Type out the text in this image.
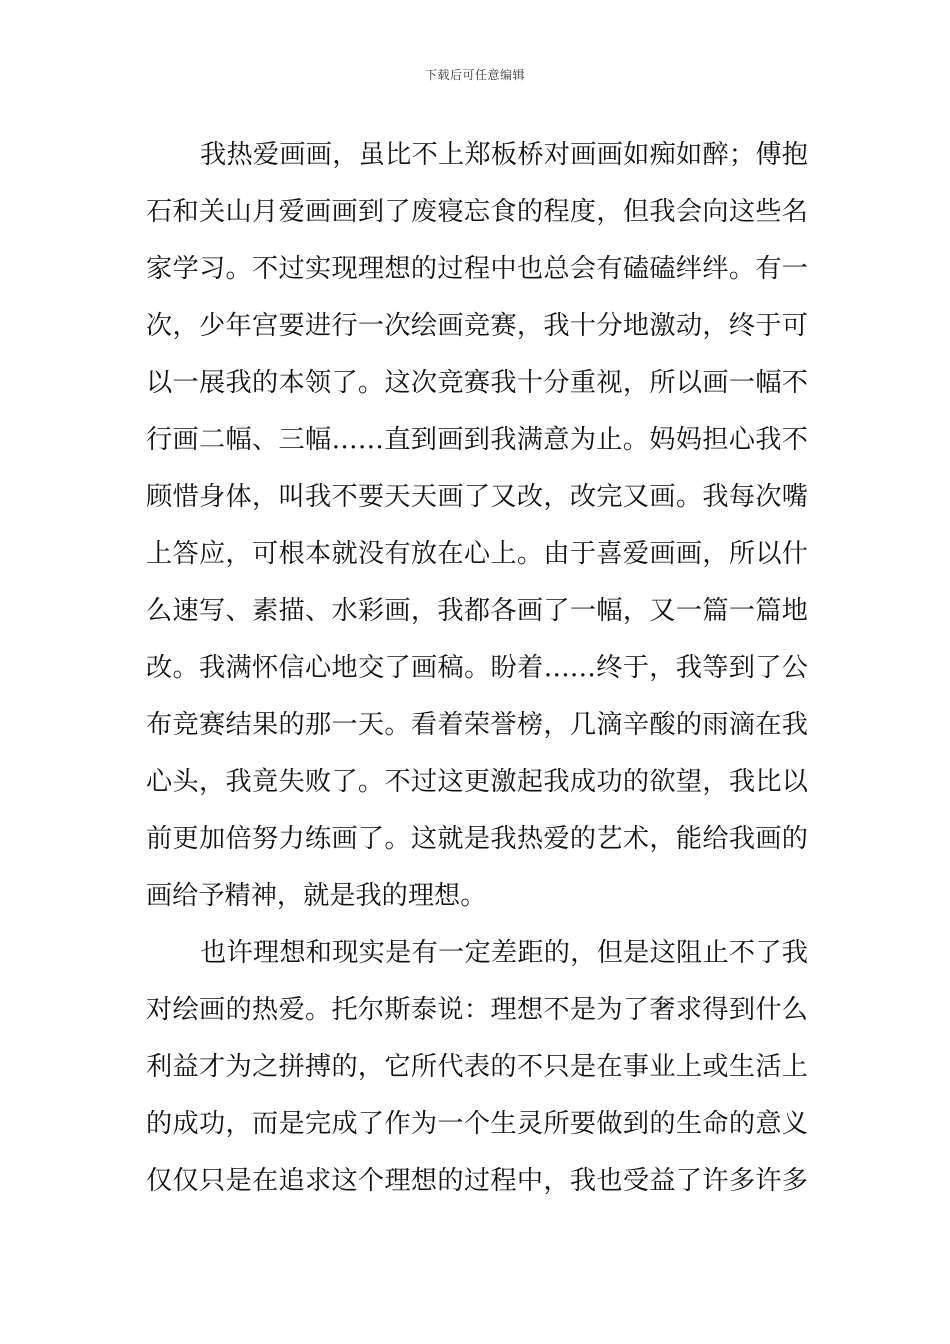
下载后可任意编辑
我热爱画画，虽比不上郑板桥对画画如痴如醉；傅抱
石和关山月爱画画到了废寝忘食的程度，但我会向这些名
家学习。不过实现理想的过程中也总会有磕磕绊绊。有一
次，少年宫要进行一次绘画竞赛，我十分地激动，终于可
以一展我的本领了。这次竞赛我十分重视，所以画一幅不
行画二幅、三幅……直到画到我满意为止。妈妈担心我不
顾惜身体，叫我不要天天画了又改，改完又画。我每次嘴
上答应，可根本就没有放在心上。由于喜爱画画，所以什
么速写、素描、水彩画，我都各画了一幅，又一篇一篇地
改。我满怀信心地交了画稿。盼着……终于，我等到了公
布竞赛结果的那一天。看着荣誉榜，几滴辛酸的雨滴在我
心头，我竟失败了。不过这更激起我成功的欲望，我比以
前更加倍努力练画了。这就是我热爱的艺术，能给我画的
画给予精神，就是我的理想。
也许理想和现实是有一定差距的，但是这阻止不了我
对绘画的热爱。托尔斯泰说：理想不是为了奢求得到什么
利益才为之拼搏的，它所代表的不只是在事业上或生活上
的成功，而是完成了作为一个生灵所要做到的生命的意义
仅仅只是在追求这个理想的过程中，我也受益了许多许多
